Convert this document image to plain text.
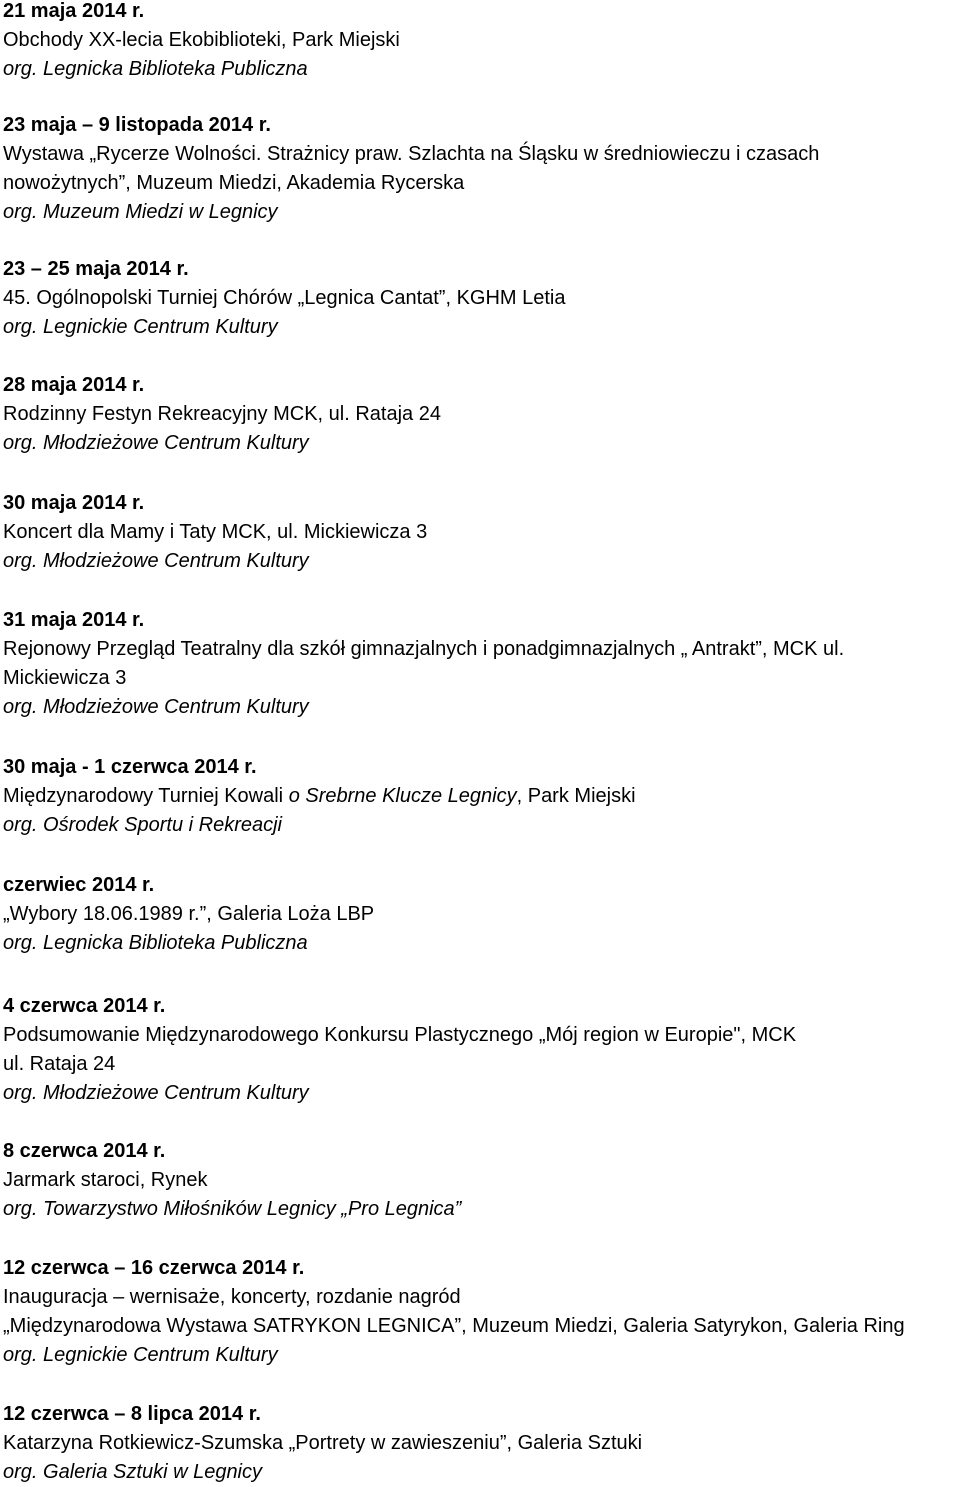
21 maja 2014 r.
Obchody XX-lecia Ekobiblioteki, Park Miejski
org. Legnicka Biblioteka Publiczna
23 maja – 9 listopada 2014 r.
Wystawa „Rycerze Wolności. Strażnicy praw. Szlachta na Śląsku w średniowieczu i czasach
nowożytnych”, Muzeum Miedzi, Akademia Rycerska
org. Muzeum Miedzi w Legnicy
23 – 25 maja 2014 r.
45. Ogólnopolski Turniej Chórów „Legnica Cantat”, KGHM Letia
org. Legnickie Centrum Kultury
28 maja 2014 r.
Rodzinny Festyn Rekreacyjny MCK, ul. Rataja 24
org. Młodzieżowe Centrum Kultury
30 maja 2014 r.
Koncert dla Mamy i Taty MCK, ul. Mickiewicza 3
org. Młodzieżowe Centrum Kultury
31 maja 2014 r.
Rejonowy Przegląd Teatralny dla szkół gimnazjalnych i ponadgimnazjalnych „ Antrakt”, MCK ul.
Mickiewicza 3
org. Młodzieżowe Centrum Kultury
30 maja - 1 czerwca 2014 r.
Międzynarodowy Turniej Kowali o Srebrne Klucze Legnicy, Park Miejski
org. Ośrodek Sportu i Rekreacji
czerwiec 2014 r.
„Wybory 18.06.1989 r.”, Galeria Loża LBP
org. Legnicka Biblioteka Publiczna
4 czerwca 2014 r.
Podsumowanie Międzynarodowego Konkursu Plastycznego „Mój region w Europie", MCK
ul. Rataja 24
org. Młodzieżowe Centrum Kultury
8 czerwca 2014 r.
Jarmark staroci, Rynek
org. Towarzystwo Miłośników Legnicy „Pro Legnica”
12 czerwca – 16 czerwca 2014 r.
Inauguracja – wernisaże, koncerty, rozdanie nagród
„Międzynarodowa Wystawa SATRYKON LEGNICA”, Muzeum Miedzi, Galeria Satyrykon, Galeria Ring
org. Legnickie Centrum Kultury
12 czerwca – 8 lipca 2014 r.
Katarzyna Rotkiewicz-Szumska „Portrety w zawieszeniu”, Galeria Sztuki
org. Galeria Sztuki w Legnicy
